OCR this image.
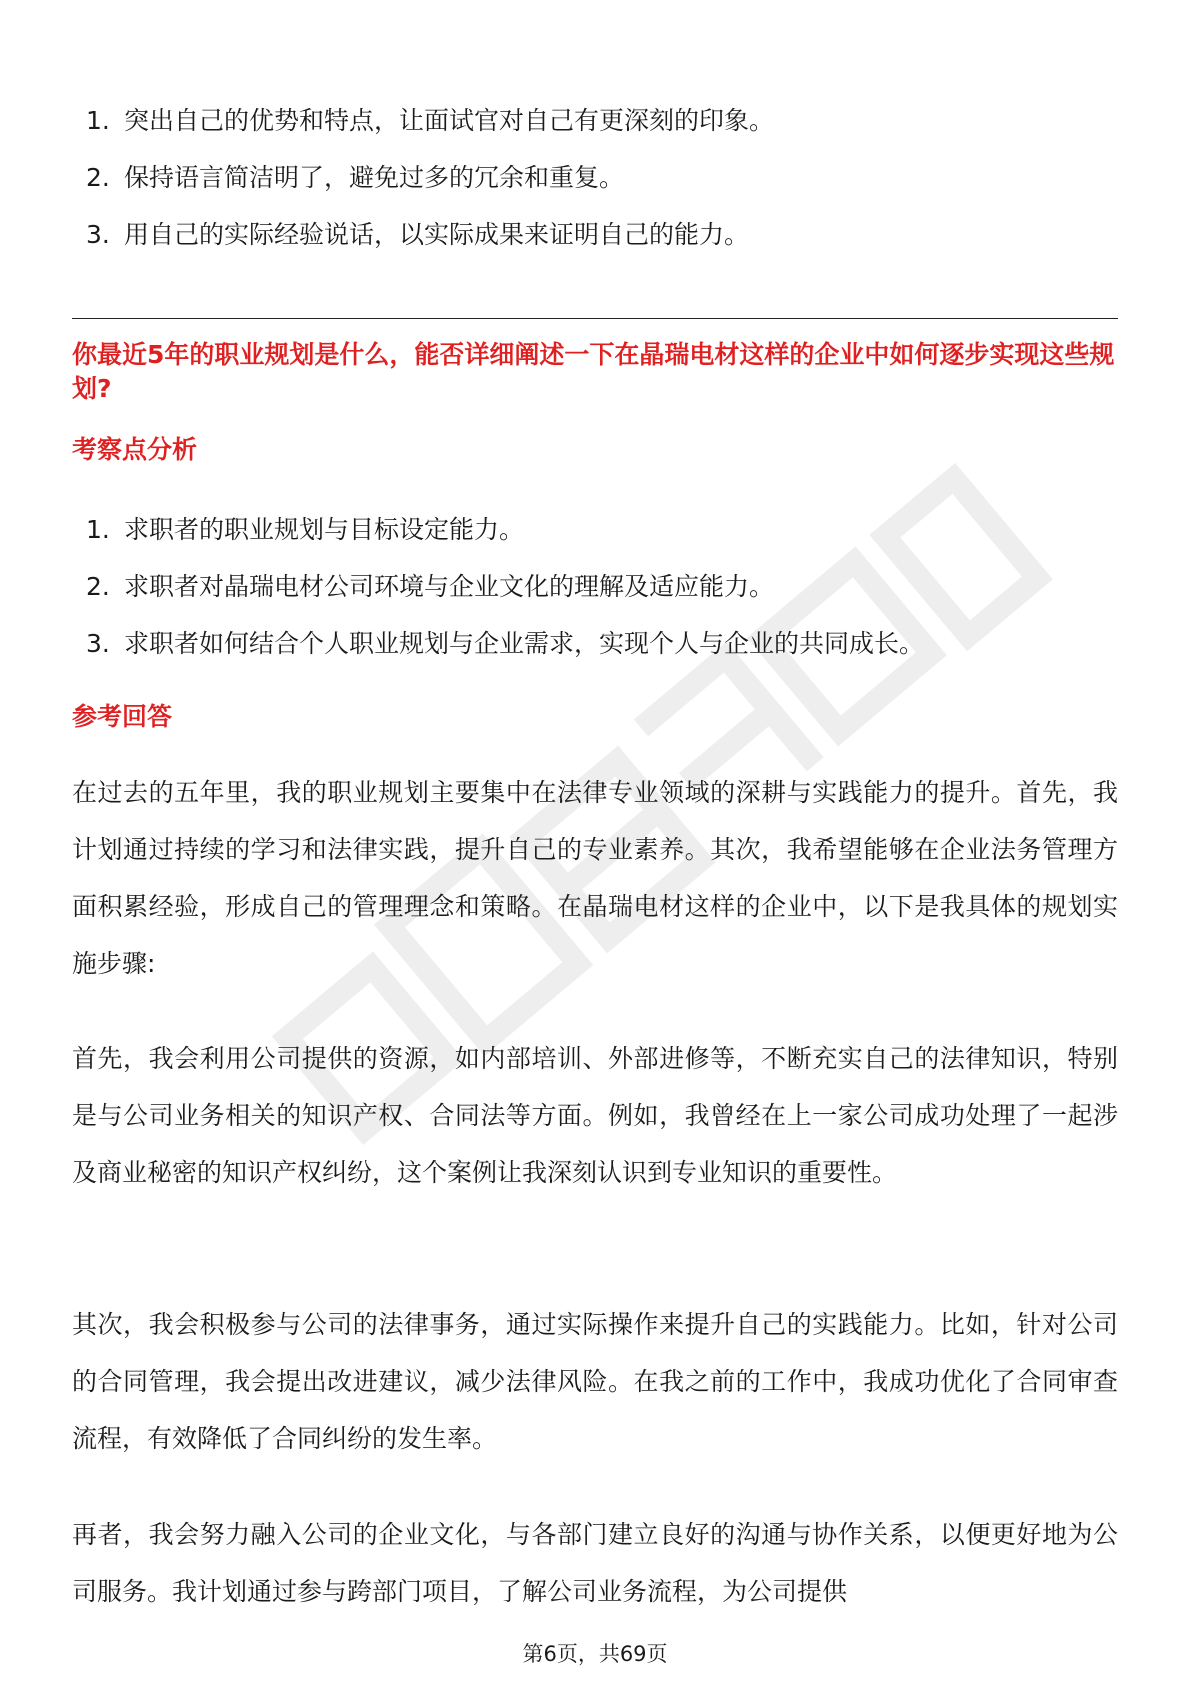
1. 突出自己的优势和特点，让面试官对自己有更深刻的印象。
2. 保持语言简洁明了，避免过多的冗余和重复。
3. 用自己的实际经验说话，以实际成果来证明自己的能力。
你最近5年的职业规划是什么，能否详细阐述一下在晶瑞电材这样的企业中如何逐步实现这些规划?
考察点分析
1. 求职者的职业规划与目标设定能力。
2. 求职者对晶瑞电材公司环境与企业文化的理解及适应能力。
3. 求职者如何结合个人职业规划与企业需求，实现个人与企业的共同成长。
参考回答

在过去的五年里，我的职业规划主要集中在法律专业领域的深耕与实践能力的提升。首先，我计划通过持续的学习和法律实践，提升自己的专业素养。其次，我希望能够在企业法务管理方面积累经验，形成自己的管理理念和策略。在晶瑞电材这样的企业中，以下是我具体的规划实施步骤:

首先，我会利用公司提供的资源，如内部培训、外部进修等，不断充实自己的法律知识，特别是与公司业务相关的知识产权、合同法等方面。例如，我曾经在上一家公司成功处理了一起涉及商业秘密的知识产权纠纷，这个案例让我深刻认识到专业知识的重要性。

其次，我会积极参与公司的法律事务，通过实际操作来提升自己的实践能力。比如，针对公司的合同管理，我会提出改进建议，减少法律风险。在我之前的工作中，我成功优化了合同审查流程，有效降低了合同纠纷的发生率。

再者，我会努力融入公司的企业文化，与各部门建立良好的沟通与协作关系，以便更好地为公司服务。我计划通过参与跨部门项目，了解公司业务流程，为公司提供

第6页，共69页
